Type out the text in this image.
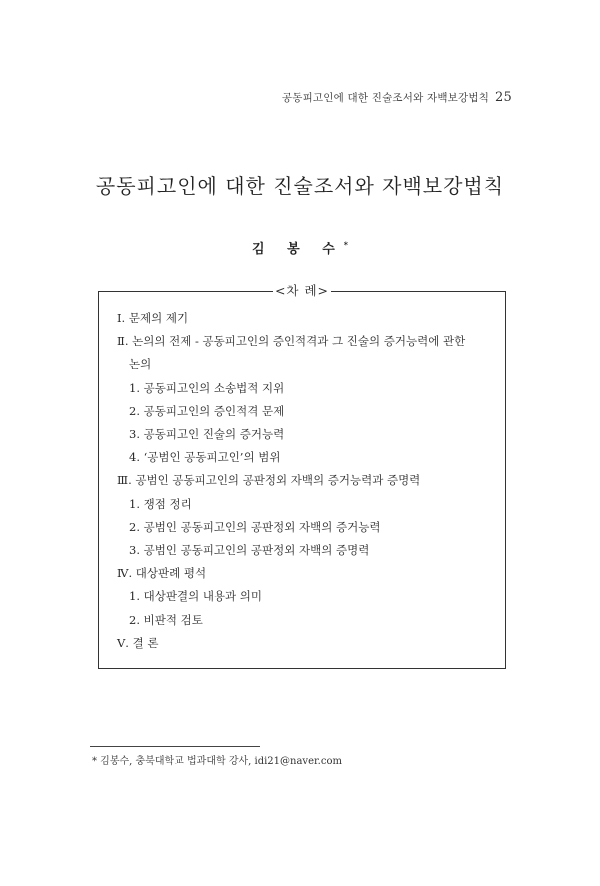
공동피고인에 대한 진술조서와 자백보강법칙 25
공동피고인에 대한 진술조서와 자백보강법칙
김 봉 수*
<차 례>
Ⅰ. 문제의 제기
Ⅱ. 논의의 전제 - 공동피고인의 증인적격과 그 진술의 증거능력에 관한
논의
1. 공동피고인의 소송법적 지위
2. 공동피고인의 증인적격 문제
3. 공동피고인 진술의 증거능력
4. ‘공범인 공동피고인’의 범위
Ⅲ. 공범인 공동피고인의 공판정외 자백의 증거능력과 증명력
1. 쟁점 정리
2. 공범인 공동피고인의 공판정외 자백의 증거능력
3. 공범인 공동피고인의 공판정외 자백의 증명력
Ⅳ. 대상판례 평석
1. 대상판결의 내용과 의미
2. 비판적 검토
Ⅴ. 결 론
* 김봉수, 충북대학교 법과대학 강사, idi21@naver.com
